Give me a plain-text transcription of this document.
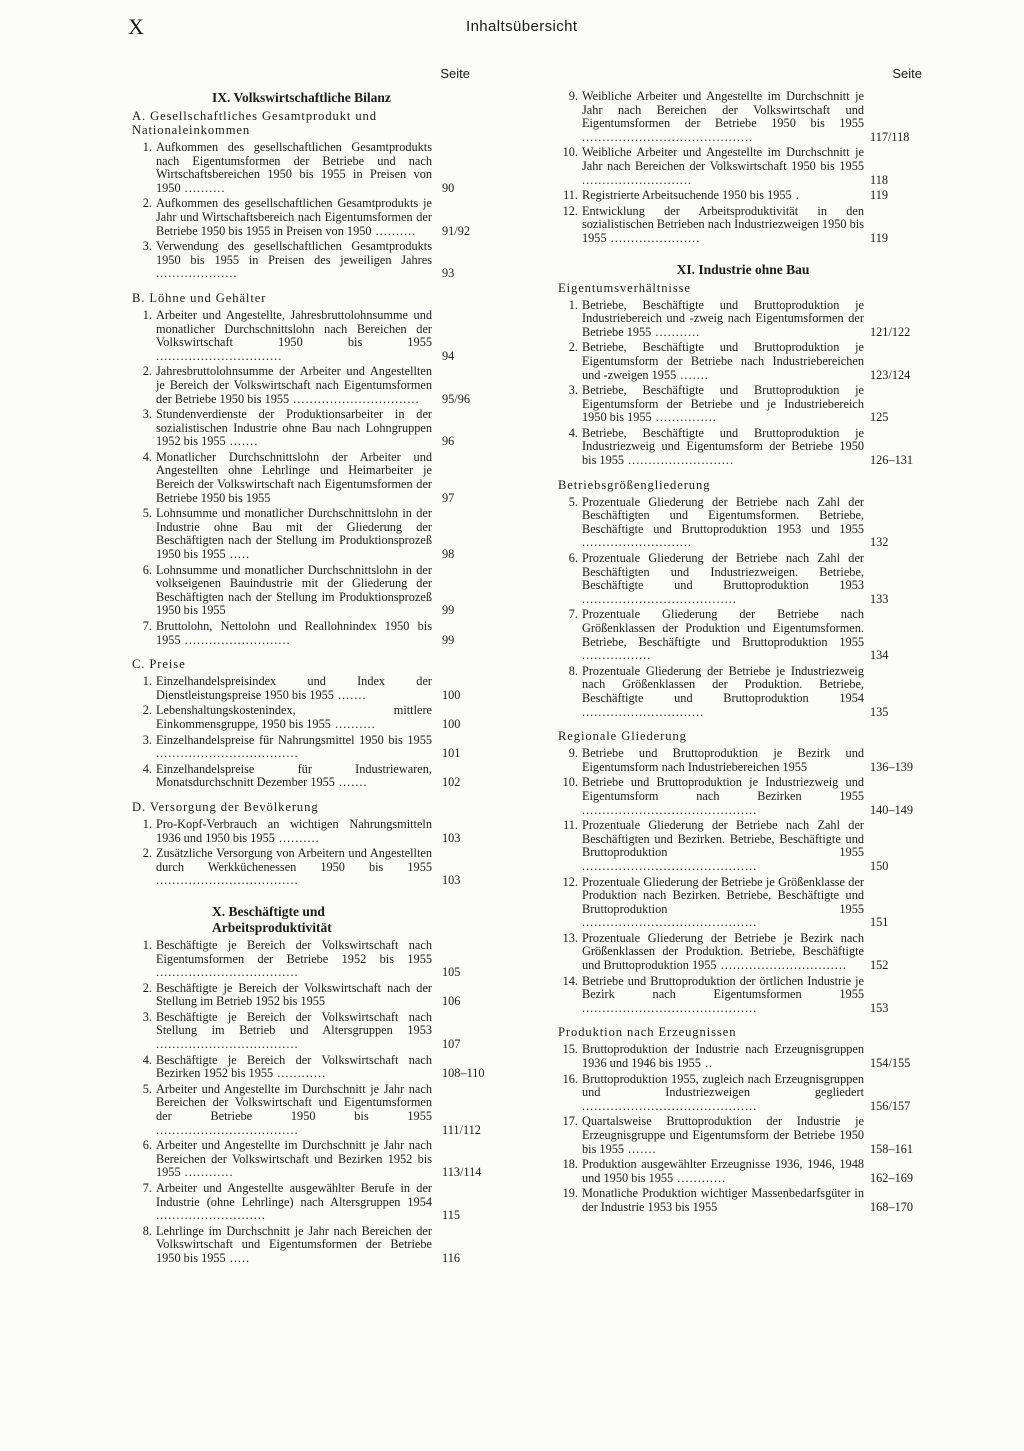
X	Inhaltsübersicht
Seite
IX. Volkswirtschaftliche Bilanz
A. Gesellschaftliches Gesamtprodukt und Nationaleinkommen
1. Aufkommen des gesellschaftlichen Gesamtprodukts nach Eigentumsformen der Betriebe und nach Wirtschaftsbereichen 1950 bis 1955 in Preisen von 1950 ..........	90
2. Aufkommen des gesellschaftlichen Gesamtprodukts je Jahr und Wirtschaftsbereich nach Eigentumsformen der Betriebe 1950 bis 1955 in Preisen von 1950 ..........	91/92
3. Verwendung des gesellschaftlichen Gesamtprodukts 1950 bis 1955 in Preisen des jeweiligen Jahres ....................	93
B. Löhne und Gehälter
1. Arbeiter und Angestellte, Jahresbruttolohnsumme und monatlicher Durchschnittslohn nach Bereichen der Volkswirtschaft 1950 bis 1955 ...............................	94
2. Jahresbruttolohnsumme der Arbeiter und Angestellten je Bereich der Volkswirtschaft nach Eigentumsformen der Betriebe 1950 bis 1955 ...............................	95/96
3. Stundenverdienste der Produktionsarbeiter in der sozialistischen Industrie ohne Bau nach Lohngruppen 1952 bis 1955 .......	96
4. Monatlicher Durchschnittslohn der Arbeiter und Angestellten ohne Lehrlinge und Heimarbeiter je Bereich der Volkswirtschaft nach Eigentumsformen der Betriebe 1950 bis 1955	97
5. Lohnsumme und monatlicher Durchschnittslohn in der Industrie ohne Bau mit der Gliederung der Beschäftigten nach der Stellung im Produktionsprozeß 1950 bis 1955 .....	98
6. Lohnsumme und monatlicher Durchschnittslohn in der volkseigenen Bauindustrie mit der Gliederung der Beschäftigten nach der Stellung im Produktionsprozeß 1950 bis 1955	99
7. Bruttolohn, Nettolohn und Reallohnindex 1950 bis 1955 ..........................	99
C. Preise
1. Einzelhandelspreisindex und Index der Dienstleistungspreise 1950 bis 1955 .......	100
2. Lebenshaltungskostenindex, mittlere Einkommensgruppe, 1950 bis 1955 ..........	100
3. Einzelhandelspreise für Nahrungsmittel 1950 bis 1955 ...................................	101
4. Einzelhandelspreise für Industriewaren, Monatsdurchschnitt Dezember 1955 .......	102
D. Versorgung der Bevölkerung
1. Pro-Kopf-Verbrauch an wichtigen Nahrungsmitteln 1936 und 1950 bis 1955 ..........	103
2. Zusätzliche Versorgung von Arbeitern und Angestellten durch Werkküchenessen 1950 bis 1955 ...................................	103
X. Beschäftigte und Arbeitsproduktivität
1. Beschäftigte je Bereich der Volkswirtschaft nach Eigentumsformen der Betriebe 1952 bis 1955 ...................................	105
2. Beschäftigte je Bereich der Volkswirtschaft nach der Stellung im Betrieb 1952 bis 1955	106
3. Beschäftigte je Bereich der Volkswirtschaft nach Stellung im Betrieb und Altersgruppen 1953 ...................................	107
4. Beschäftigte je Bereich der Volkswirtschaft nach Bezirken 1952 bis 1955 ............	108–110
5. Arbeiter und Angestellte im Durchschnitt je Jahr nach Bereichen der Volkswirtschaft und Eigentumsformen der Betriebe 1950 bis 1955 ...................................	111/112
6. Arbeiter und Angestellte im Durchschnitt je Jahr nach Bereichen der Volkswirtschaft und Bezirken 1952 bis 1955 ............	113/114
7. Arbeiter und Angestellte ausgewählter Berufe in der Industrie (ohne Lehrlinge) nach Altersgruppen 1954 ...........................	115
8. Lehrlinge im Durchschnitt je Jahr nach Bereichen der Volkswirtschaft und Eigentumsformen der Betriebe 1950 bis 1955 .....	116
Seite
9. Weibliche Arbeiter und Angestellte im Durchschnitt je Jahr nach Bereichen der Volkswirtschaft und Eigentumsformen der Betriebe 1950 bis 1955 ..........................................	117/118
10. Weibliche Arbeiter und Angestellte im Durchschnitt je Jahr nach Bereichen der Volkswirtschaft 1950 bis 1955 ...........................	118
11. Registrierte Arbeitsuchende 1950 bis 1955 .	119
12. Entwicklung der Arbeitsproduktivität in den sozialistischen Betrieben nach Industriezweigen 1950 bis 1955 ......................	119
XI. Industrie ohne Bau
Eigentumsverhältnisse
1. Betriebe, Beschäftigte und Bruttoproduktion je Industriebereich und -zweig nach Eigentumsformen der Betriebe 1955 ...........	121/122
2. Betriebe, Beschäftigte und Bruttoproduktion je Eigentumsform der Betriebe nach Industriebereichen und -zweigen 1955 .......	123/124
3. Betriebe, Beschäftigte und Bruttoproduktion je Eigentumsform der Betriebe und je Industriebereich 1950 bis 1955 ...............	125
4. Betriebe, Beschäftigte und Bruttoproduktion je Industriezweig und Eigentumsform der Betriebe 1950 bis 1955 ..........................	126–131
Betriebsgrößengliederung
5. Prozentuale Gliederung der Betriebe nach Zahl der Beschäftigten und Eigentumsformen. Betriebe, Beschäftigte und Bruttoproduktion 1953 und 1955 ...........................	132
6. Prozentuale Gliederung der Betriebe nach Zahl der Beschäftigten und Industriezweigen. Betriebe, Beschäftigte und Bruttoproduktion 1953 ......................................	133
7. Prozentuale Gliederung der Betriebe nach Größenklassen der Produktion und Eigentumsformen. Betriebe, Beschäftigte und Bruttoproduktion 1955 .................	134
8. Prozentuale Gliederung der Betriebe je Industriezweig nach Größenklassen der Produktion. Betriebe, Beschäftigte und Bruttoproduktion 1954 ..............................	135
Regionale Gliederung
9. Betriebe und Bruttoproduktion je Bezirk und Eigentumsform nach Industriebereichen 1955	136–139
10. Betriebe und Bruttoproduktion je Industriezweig und Eigentumsform nach Bezirken 1955 ...........................................	140–149
11. Prozentuale Gliederung der Betriebe nach Zahl der Beschäftigten und Bezirken. Betriebe, Beschäftigte und Bruttoproduktion 1955 ...........................................	150
12. Prozentuale Gliederung der Betriebe je Größenklasse der Produktion nach Bezirken. Betriebe, Beschäftigte und Bruttoproduktion 1955 ...........................................	151
13. Prozentuale Gliederung der Betriebe je Bezirk nach Größenklassen der Produktion. Betriebe, Beschäftigte und Bruttoproduktion 1955 ...............................	152
14. Betriebe und Bruttoproduktion der örtlichen Industrie je Bezirk nach Eigentumsformen 1955 ...........................................	153
Produktion nach Erzeugnissen
15. Bruttoproduktion der Industrie nach Erzeugnisgruppen 1936 und 1946 bis 1955 ..	154/155
16. Bruttoproduktion 1955, zugleich nach Erzeugnisgruppen und Industriezweigen gegliedert ...........................................	156/157
17. Quartalsweise Bruttoproduktion der Industrie je Erzeugnisgruppe und Eigentumsform der Betriebe 1950 bis 1955 .......	158–161
18. Produktion ausgewählter Erzeugnisse 1936, 1946, 1948 und 1950 bis 1955 ............	162–169
19. Monatliche Produktion wichtiger Massenbedarfsgüter in der Industrie 1953 bis 1955	168–170
